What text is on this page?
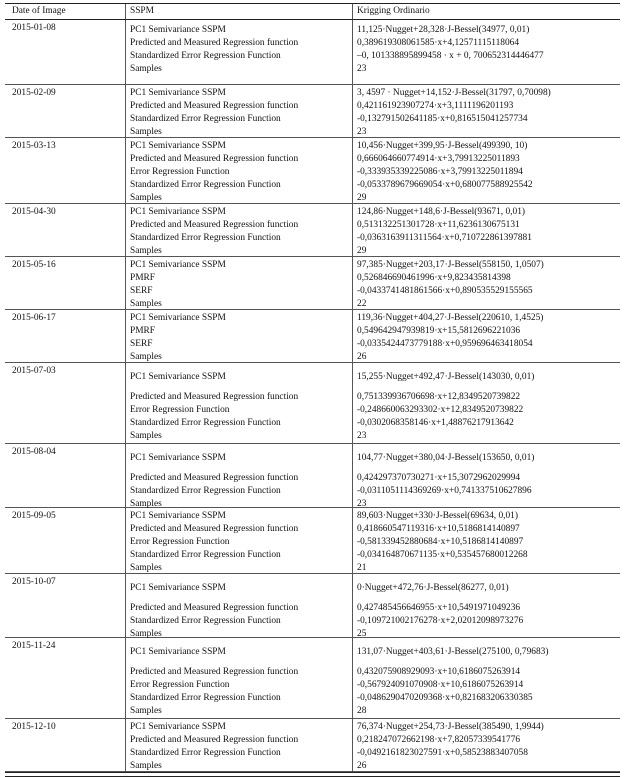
Date of Image	SSPM	Krigging Ordinario
2015-01-08	PC1 Semivariance SSPM	11,125·Nugget+28,328·J-Bessel(34977, 0,01)
Predicted and Measured Regression function	0,389619308061585·x+4,12571115118064
Standardized Error Regression Function	–0, 101338895899458 · x + 0, 700652314446477
Samples	23
2015-02-09	PC1 Semivariance SSPM	3, 4597 · Nugget+14,152·J-Bessel(31797, 0,70098)
Predicted and Measured Regression function	0,421161923907274·x+3,1111196201193
Standardized Error Regression Function	-0,132791502641185·x+0,816515041257734
Samples	23
2015-03-13	PC1 Semivariance SSPM	10,456·Nugget+399,95·J-Bessel(499390, 10)
Predicted and Measured Regression function	0,666064660774914·x+3,79913225011893
Error Regression Function	-0,333935339225086·x+3,79913225011894
Standardized Error Regression Function	-0,0533789679669054·x+0,680077588925542
Samples	29
2015-04-30	PC1 Semivariance SSPM	124,86·Nugget+148,6·J-Bessel(93671, 0,01)
Predicted and Measured Regression function	0,513132251301728·x+11,6236130675131
Standardized Error Regression Function	-0,0363163911311564·x+0,710722861397881
Samples	29
2015-05-16	PC1 Semivariance SSPM	97,385·Nugget+203,17·J-Bessel(558150, 1,0507)
PMRF	0,526846690461996·x+9,823435814398
SERF	-0,0433741481861566·x+0,890535529155565
Samples	22
2015-06-17	PC1 Semivariance SSPM	119,36·Nugget+404,27·J-Bessel(220610, 1,4525)
PMRF	0,549642947939819·x+15,5812696221036
SERF	-0,0335424473779188·x+0,959696463418054
Samples	26
2015-07-03
PC1 Semivariance SSPM	15,255·Nugget+492,47·J-Bessel(143030, 0,01)
Predicted and Measured Regression function	0,751339936706698·x+12,8349520739822
Error Regression Function	-0,248660063293302·x+12,8349520739822
Standardized Error Regression Function	-0,0302068358146·x+1,48876217913642
Samples	23
2015-08-04
PC1 Semivariance SSPM	104,77·Nugget+380,04·J-Bessel(153650, 0,01)
Predicted and Measured Regression function	0,424297370730271·x+15,3072962029994
Standardized Error Regression Function	-0,0311051114369269·x+0,741337510627896
Samples	23
2015-09-05	PC1 Semivariance SSPM	89,603·Nugget+330·J-Bessel(69634, 0,01)
Predicted and Measured Regression function	0,418660547119316·x+10,5186814140897
Error Regression Function	-0,581339452880684·x+10,5186814140897
Standardized Error Regression Function	-0,034164870671135·x+0,535457680012268
Samples	21
2015-10-07
PC1 Semivariance SSPM	0·Nugget+472,76·J-Bessel(86277, 0,01)
Predicted and Measured Regression function	0,427485456646955·x+10,5491971049236
Standardized Error Regression Function	-0,109721002176278·x+2,02012098973276
Samples	25
2015-11-24
PC1 Semivariance SSPM	131,07·Nugget+403,61·J-Bessel(275100, 0,79683)
Predicted and Measured Regression function	0,432075908929093·x+10,6186075263914
Error Regression Function	-0,567924091070908·x+10,6186075263914
Standardized Error Regression Function	-0,0486290470209368·x+0,821683206330385
Samples	28
2015-12-10	PC1 Semivariance SSPM	76,374·Nugget+254,73·J-Bessel(385490, 1,9944)
Predicted and Measured Regression function	0,218247072662198·x+7,82057339541776
Standardized Error Regression Function	-0,0492161823027591·x+0,58523883407058
Samples	26
